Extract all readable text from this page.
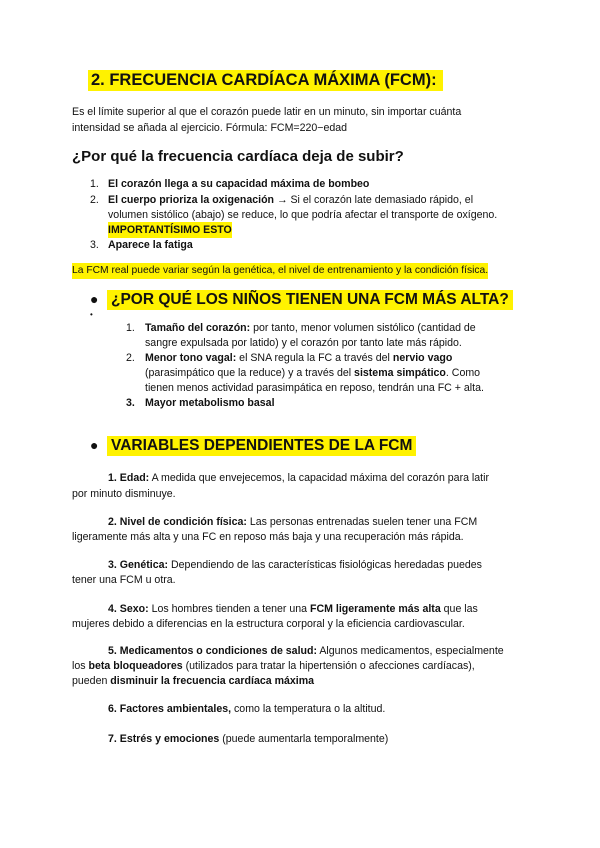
2. FRECUENCIA CARDÍACA MÁXIMA (FCM):
Es el límite superior al que el corazón puede latir en un minuto, sin importar cuánta
intensidad se añada al ejercicio. Fórmula: FCM=220−edad
¿Por qué la frecuencia cardíaca deja de subir?
1. El corazón llega a su capacidad máxima de bombeo
2. El cuerpo prioriza la oxigenación → Si el corazón late demasiado rápido, el
volumen sistólico (abajo) se reduce, lo que podría afectar el transporte de oxígeno.
IMPORTANTÍSIMO ESTO
3. Aparece la fatiga
La FCM real puede variar según la genética, el nivel de entrenamiento y la condición física.
● ¿POR QUÉ LOS NIÑOS TIENEN UNA FCM MÁS ALTA?
•
1. Tamaño del corazón: por tanto, menor volumen sistólico (cantidad de
sangre expulsada por latido) y el corazón por tanto late más rápido.
2. Menor tono vagal: el SNA regula la FC a través del nervio vago
(parasimpático que la reduce) y a través del sistema simpático. Como
tienen menos actividad parasimpática en reposo, tendrán una FC + alta.
3. Mayor metabolismo basal
● VARIABLES DEPENDIENTES DE LA FCM
1. Edad: A medida que envejecemos, la capacidad máxima del corazón para latir
por minuto disminuye.
2. Nivel de condición física: Las personas entrenadas suelen tener una FCM
ligeramente más alta y una FC en reposo más baja y una recuperación más rápida.
3. Genética: Dependiendo de las características fisiológicas heredadas puedes
tener una FCM u otra.
4. Sexo: Los hombres tienden a tener una FCM ligeramente más alta que las
mujeres debido a diferencias en la estructura corporal y la eficiencia cardiovascular.
5. Medicamentos o condiciones de salud: Algunos medicamentos, especialmente
los beta bloqueadores (utilizados para tratar la hipertensión o afecciones cardíacas),
pueden disminuir la frecuencia cardíaca máxima
6. Factores ambientales, como la temperatura o la altitud.
7. Estrés y emociones (puede aumentarla temporalmente)
